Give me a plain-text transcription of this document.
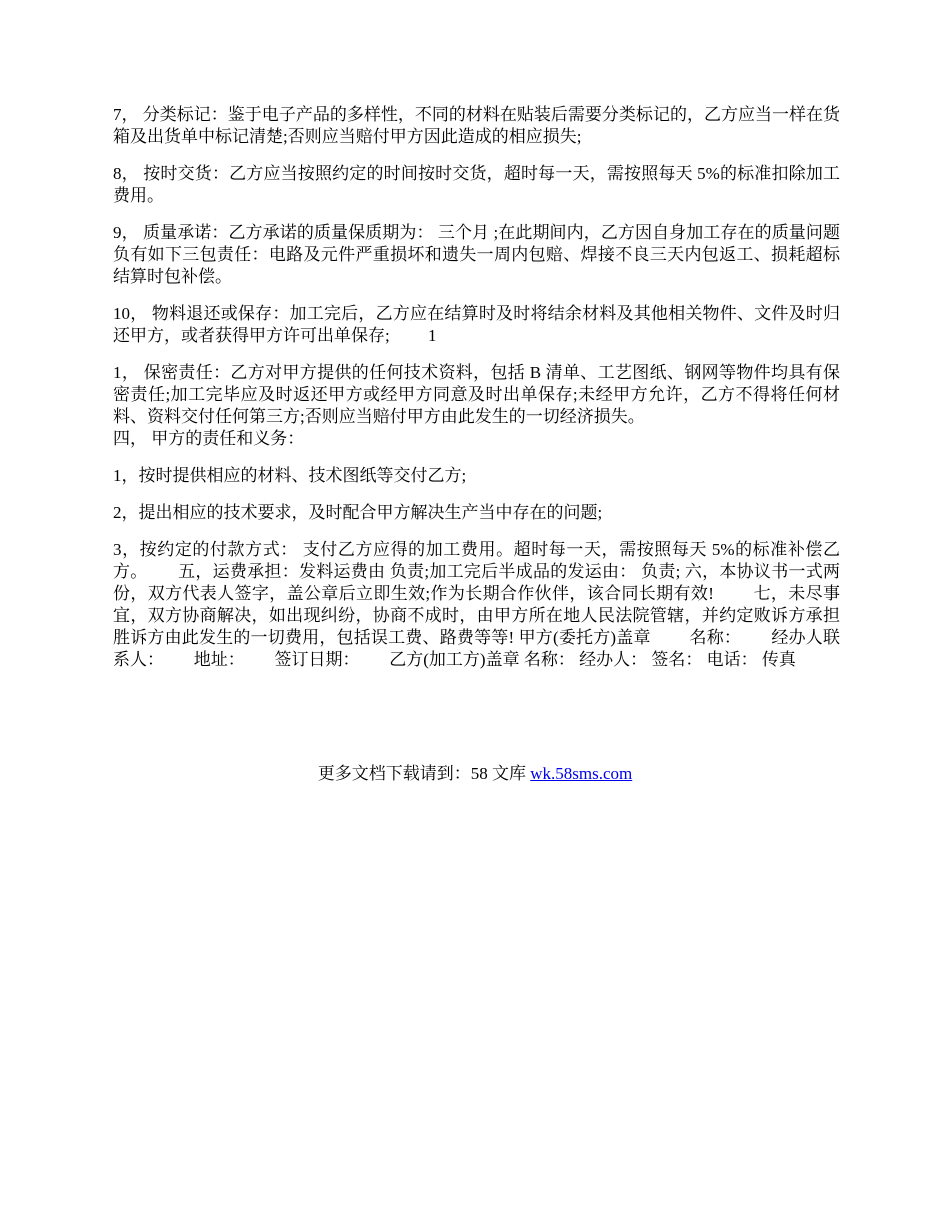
7， 分类标记：鉴于电子产品的多样性，不同的材料在贴装后需要分类标记的，乙方应当一样在货箱及出货单中标记清楚;否则应当赔付甲方因此造成的相应损失;

8， 按时交货：乙方应当按照约定的时间按时交货，超时每一天，需按照每天 5%的标准扣除加工费用。

9， 质量承诺：乙方承诺的质量保质期为： 三个月 ;在此期间内，乙方因自身加工存在的质量问题负有如下三包责任：电路及元件严重损坏和遗失一周内包赔、焊接不良三天内包返工、损耗超标结算时包补偿。

10， 物料退还或保存：加工完后，乙方应在结算时及时将结余材料及其他相关物件、文件及时归还甲方，或者获得甲方许可出单保存;　　 1

1， 保密责任：乙方对甲方提供的任何技术资料，包括 B 清单、工艺图纸、钢网等物件均具有保密责任;加工完毕应及时返还甲方或经甲方同意及时出单保存;未经甲方允许，乙方不得将任何材料、资料交付任何第三方;否则应当赔付甲方由此发生的一切经济损失。

四， 甲方的责任和义务：

1，按时提供相应的材料、技术图纸等交付乙方;

2，提出相应的技术要求，及时配合甲方解决生产当中存在的问题;

3，按约定的付款方式： 支付乙方应得的加工费用。超时每一天，需按照每天 5%的标准补偿乙方。　　 五，运费承担：发料运费由 负责;加工完后半成品的发运由： 负责; 六，本协议书一式两份，双方代表人签字，盖公章后立即生效;作为长期合作伙伴，该合同长期有效!　　 七，未尽事宜，双方协商解决，如出现纠纷，协商不成时，由甲方所在地人民法院管辖，并约定败诉方承担胜诉方由此发生的一切费用，包括误工费、路费等等! 甲方(委托方)盖章　　 名称：　　 经办人联系人：　　 地址：　　 签订日期：　　 乙方(加工方)盖章 名称： 经办人： 签名： 电话： 传真

更多文档下载请到：58 文库 wk.58sms.com
